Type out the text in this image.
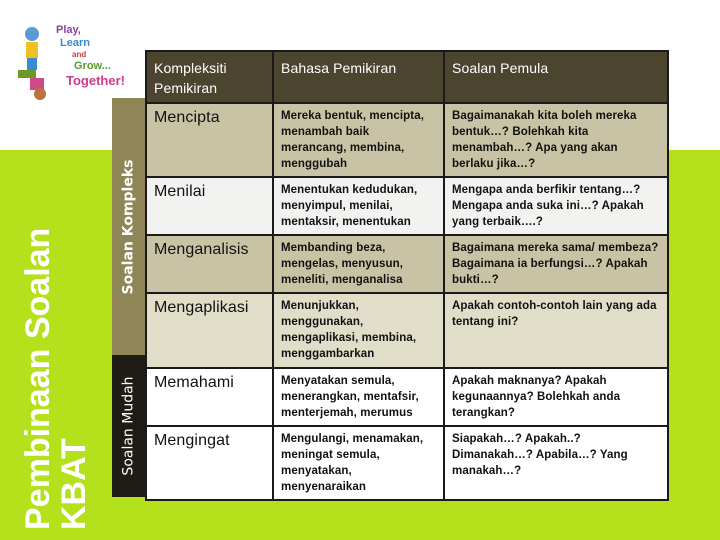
Play,
Learn
and
Grow...
Together!
Pembinaan Soalan KBAT
Soalan Kompleks
Soalan Mudah
Kompleksiti Pemikiran	Bahasa Pemikiran	Soalan Pemula
Mencipta	Mereka bentuk, mencipta, menambah baik merancang, membina, menggubah	Bagaimanakah kita boleh mereka bentuk…? Bolehkah kita menambah…? Apa yang akan berlaku jika…?
Menilai	Menentukan kedudukan, menyimpul, menilai, mentaksir, menentukan	Mengapa anda berfikir tentang…? Mengapa anda suka ini…? Apakah yang terbaik….?
Menganalisis	Membanding beza, mengelas, menyusun, meneliti, menganalisa	Bagaimana mereka sama/ membeza? Bagaimana ia berfungsi…? Apakah bukti…?
Mengaplikasi	Menunjukkan, menggunakan, mengaplikasi, membina, menggambarkan	Apakah contoh-contoh lain yang ada tentang ini?
Memahami	Menyatakan semula, menerangkan, mentafsir, menterjemah, merumus	Apakah maknanya? Apakah kegunaannya? Bolehkah anda terangkan?
Mengingat	Mengulangi, menamakan, meningat semula, menyatakan, menyenaraikan	Siapakah…? Apakah..? Dimanakah…? Apabila…? Yang manakah…?
